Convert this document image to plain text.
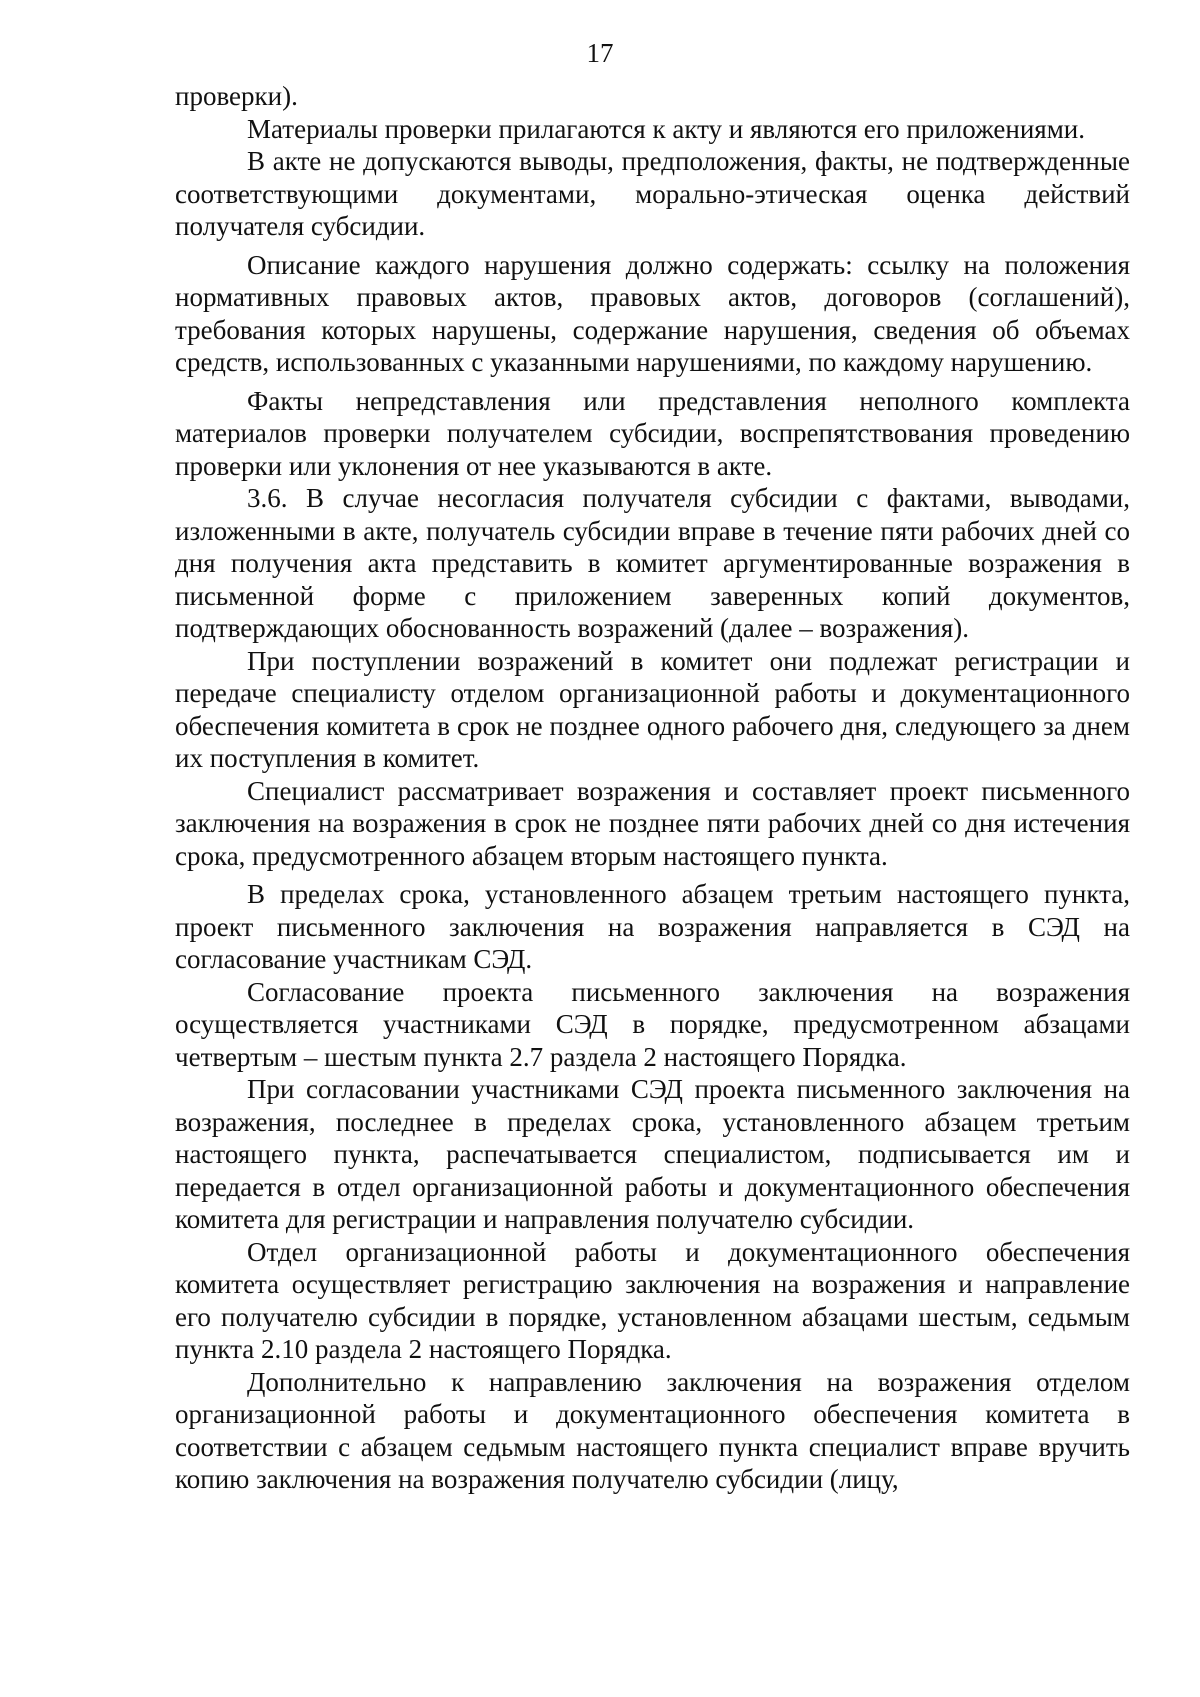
17

проверки).

Материалы проверки прилагаются к акту и являются его приложениями.

В акте не допускаются выводы, предположения, факты, не подтвержденные соответствующими документами, морально-этическая оценка действий получателя субсидии.

Описание каждого нарушения должно содержать: ссылку на положения нормативных правовых актов, правовых актов, договоров (соглашений), требования которых нарушены, содержание нарушения, сведения об объемах средств, использованных с указанными нарушениями, по каждому нарушению.

Факты непредставления или представления неполного комплекта материалов проверки получателем субсидии, воспрепятствования проведению проверки или уклонения от нее указываются в акте.

3.6. В случае несогласия получателя субсидии с фактами, выводами, изложенными в акте, получатель субсидии вправе в течение пяти рабочих дней со дня получения акта представить в комитет аргументированные возражения в письменной форме с приложением заверенных копий документов, подтверждающих обоснованность возражений (далее – возражения).

При поступлении возражений в комитет они подлежат регистрации и передаче специалисту отделом организационной работы и документационного обеспечения комитета в срок не позднее одного рабочего дня, следующего за днем их поступления в комитет.

Специалист рассматривает возражения и составляет проект письменного заключения на возражения в срок не позднее пяти рабочих дней со дня истечения срока, предусмотренного абзацем вторым настоящего пункта.

В пределах срока, установленного абзацем третьим настоящего пункта, проект письменного заключения на возражения направляется в СЭД на согласование участникам СЭД.

Согласование проекта письменного заключения на возражения осуществляется участниками СЭД в порядке, предусмотренном абзацами четвертым – шестым пункта 2.7 раздела 2 настоящего Порядка.

При согласовании участниками СЭД проекта письменного заключения на возражения, последнее в пределах срока, установленного абзацем третьим настоящего пункта, распечатывается специалистом, подписывается им и передается в отдел организационной работы и документационного обеспечения комитета для регистрации и направления получателю субсидии.

Отдел организационной работы и документационного обеспечения комитета осуществляет регистрацию заключения на возражения и направление его получателю субсидии в порядке, установленном абзацами шестым, седьмым пункта 2.10 раздела 2 настоящего Порядка.

Дополнительно к направлению заключения на возражения отделом организационной работы и документационного обеспечения комитета в соответствии с абзацем седьмым настоящего пункта специалист вправе вручить копию заключения на возражения получателю субсидии (лицу,
